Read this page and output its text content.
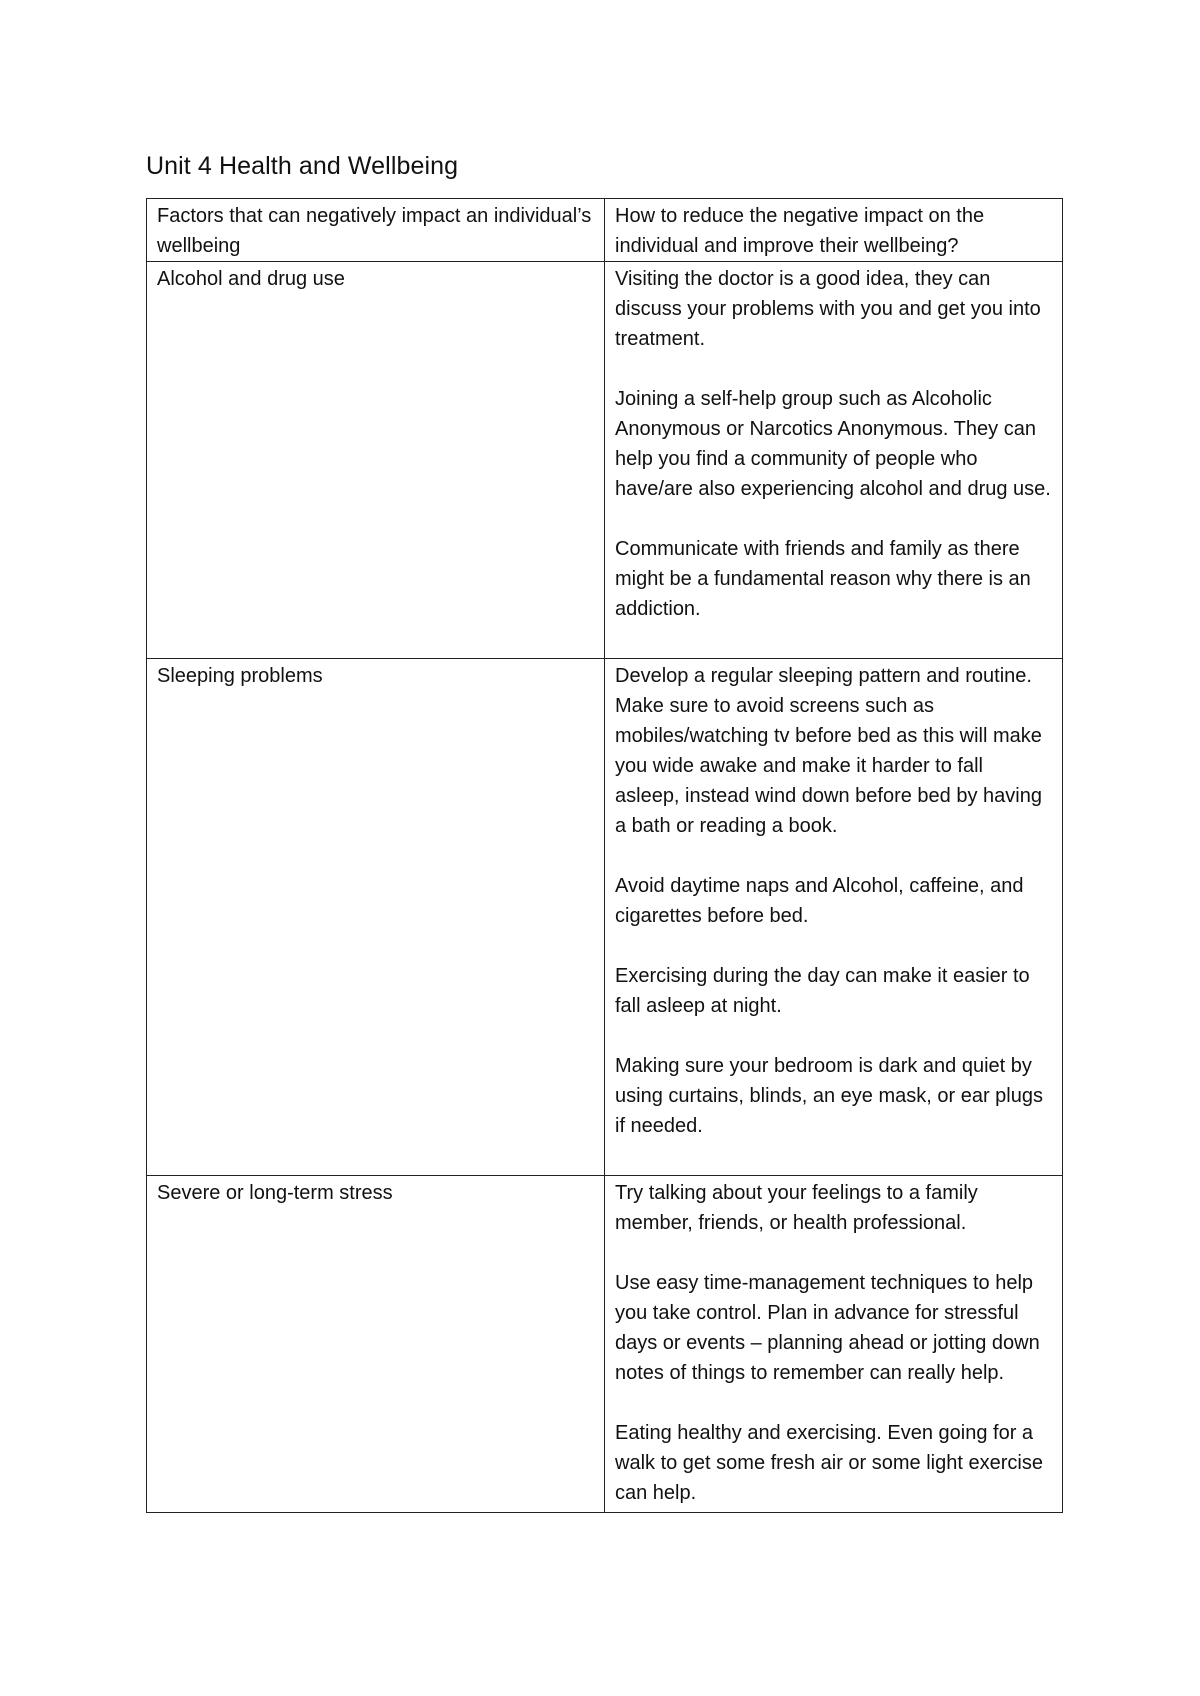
Unit 4 Health and Wellbeing
Factors that can negatively impact an individual’s wellbeing	How to reduce the negative impact on the individual and improve their wellbeing?
Alcohol and drug use	Visiting the doctor is a good idea, they can discuss your problems with you and get you into treatment.

Joining a self-help group such as Alcoholic Anonymous or Narcotics Anonymous. They can help you find a community of people who have/are also experiencing alcohol and drug use.

Communicate with friends and family as there might be a fundamental reason why there is an addiction.

Sleeping problems	Develop a regular sleeping pattern and routine. Make sure to avoid screens such as mobiles/watching tv before bed as this will make you wide awake and make it harder to fall asleep, instead wind down before bed by having a bath or reading a book.

Avoid daytime naps and Alcohol, caffeine, and cigarettes before bed.

Exercising during the day can make it easier to fall asleep at night.

Making sure your bedroom is dark and quiet by using curtains, blinds, an eye mask, or ear plugs if needed.

Severe or long-term stress	Try talking about your feelings to a family member, friends, or health professional.

Use easy time-management techniques to help you take control. Plan in advance for stressful days or events – planning ahead or jotting down notes of things to remember can really help.

Eating healthy and exercising. Even going for a walk to get some fresh air or some light exercise can help.
